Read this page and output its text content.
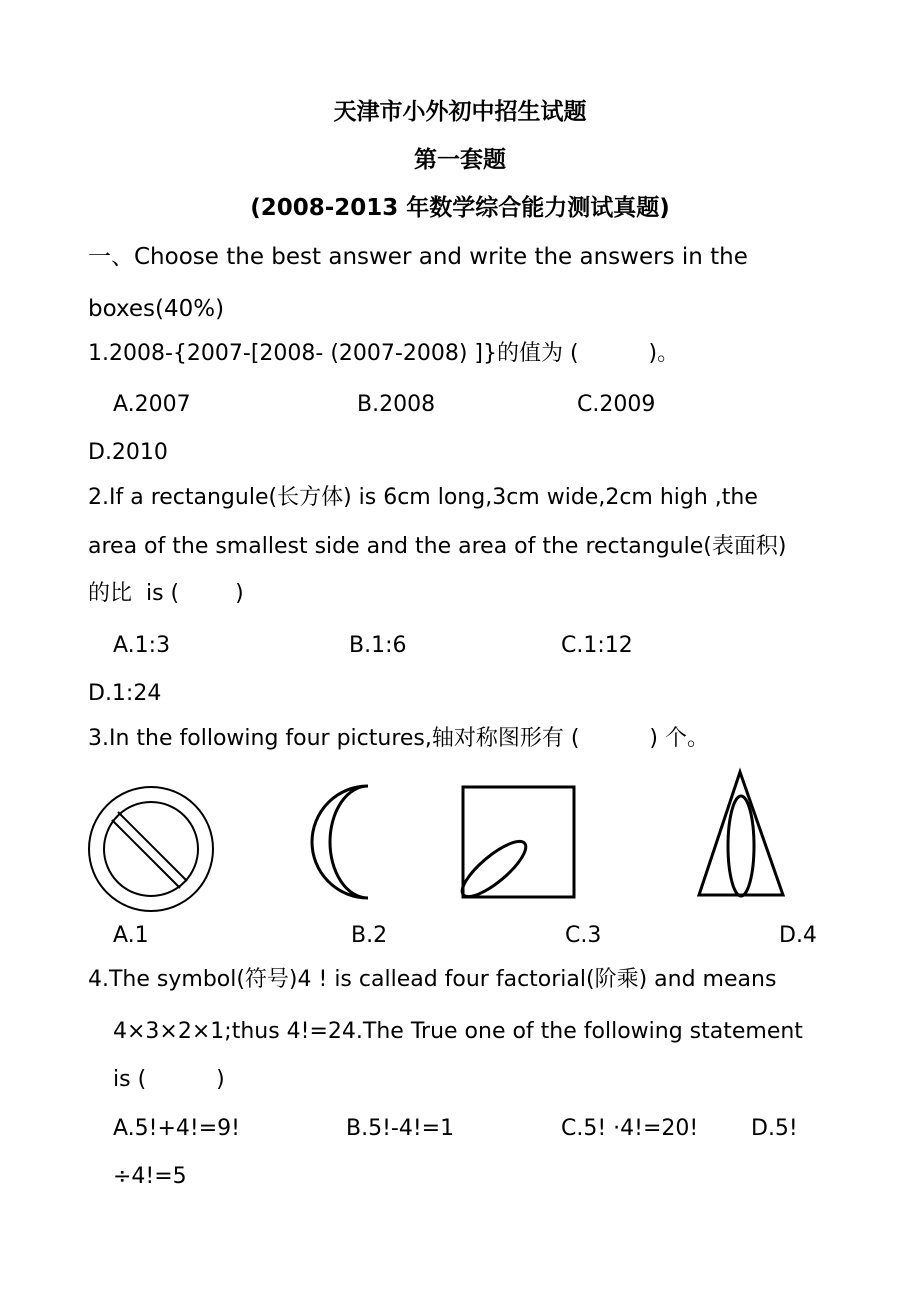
天津市小外初中招生试题
第一套题
(2008-2013 年数学综合能力测试真题)
一、Choose the best answer and write the answers in the
boxes(40%)
1.2008-{2007-[2008- (2007-2008) ]}的值为 (          )。
A.2007	B.2008	C.2009
D.2010
2.If a rectangule(长方体) is 6cm long,3cm wide,2cm high ,the
area of the smallest side and the area of the rectangule(表面积)
的比  is (        )
A.1:3	B.1:6	C.1:12
D.1:24
3.In the following four pictures,轴对称图形有 (          ) 个。
A.1	B.2	C.3	D.4
4.The symbol(符号)4 ! is callead four factorial(阶乘) and means
4×3×2×1;thus 4!=24.The True one of the following statement
is (          )
A.5!+4!=9!	B.5!-4!=1	C.5! ·4!=20! D.5!
÷4!=5
